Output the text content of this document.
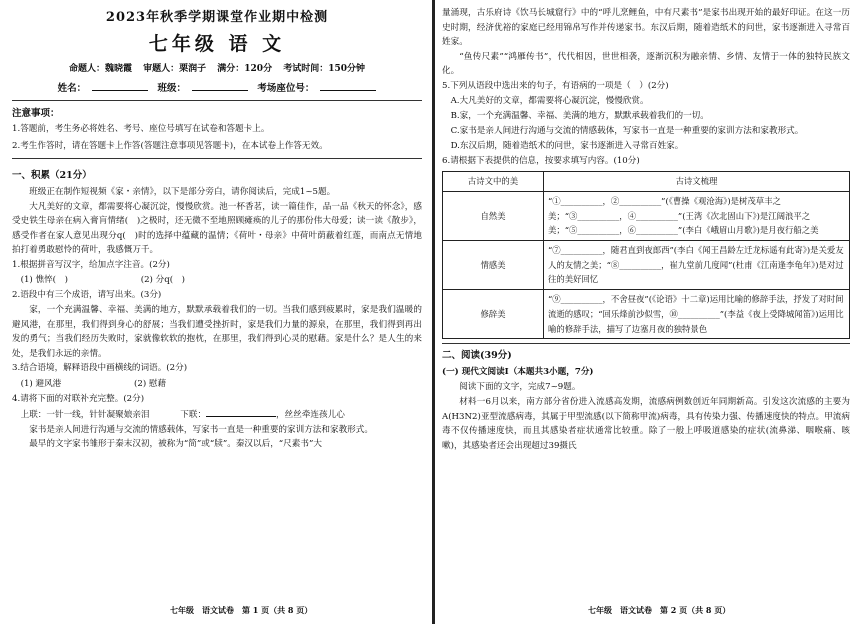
2023年秋季学期课堂作业期中检测

七年级 语 文

命题人：魏晓霞 审题人：栗润子 满分：120分 考试时间：150分钟

姓名：	班级：	考场座位号：

注意事项：

1.答题前，考生务必将姓名、考号、座位号填写在试卷和答题卡上。

2.考生作答时，请在答题卡上作答(答题注意事项见答题卡)，在本试卷上作答无效。

一、积累（21分）

班级正在制作短视频《家・亲情》，以下是部分旁白，请你阅读后，完成1~5题。

大凡美好的文章，都需要将心凝沉淀，慢慢欣赏。池一杯香茗，读一篇佳作，品一品《秋天的怀念》，感受史铁生母亲在病入膏肓情绪(　)之极时，还无微不至地照顾瘫痪的儿子的那份伟大母爱；读一读《散步》，感受作者在家人意见出现分q(　)时的选择中蕴藏的温情；《荷叶・母亲》中荷叶荫蔽着红莲，而南点无情地拍打着勇敢慰怜的荷叶，我感慨万千。

1.根据拼音写汉字，给加点字注音。(2分)

(1) 憔悴(　)	(2) 分q(　)

2.语段中有三个成语，请写出来。(3分)

家，一个充满温馨、幸福、美满的地方，默默承载着我们的一切。当我们感到疲累时，家是我们温暖的避风港，在那里，我们得到身心的舒展；当我们遭受挫折时，家是我们力量的源泉，在那里，我们得到再出发的勇气；当我们经历失败时，家就像软软的抱枕，在那里，我们得到心灵的慰藉。家是什么？是人生的来处，是我们永远的亲情。

3.结合语境，解释语段中画横线的词语。(2分)

(1) 避风港	(2) 慰藉

4.请将下面的对联补充完整。(2分)

上联：一针一线，针针凝聚娘亲泪	下联：	，丝丝牵连孩儿心

家书是亲人间进行沟通与交流的情感载体，写家书一直是一种重要的家训方法和家教形式。

最早的文字家书雏形于秦末汉初，被称为“简”或“牍”。秦汉以后，“尺素书”大

七年级　语文试卷　第 1 页（共 8 页）

量涌现，古乐府诗《饮马长城窟行》中的“呼儿烹鲤鱼，中有尺素书”是家书出现开始的最好印证。在这一历史时期，经济优裕的家庭已经用锦帛写作并传递家书。东汉后期，随着造纸术的问世，家书逐渐进入寻常百姓家。

“鱼传尺素”“鸿雁传书”，代代相因，世世相袭，逐渐沉积为融亲情、乡情、友情于一体的独特民族文化。

5.下列从语段中选出来的句子，有语病的一项是（　）(2分)

A.大凡美好的文章，都需要将心凝沉淀，慢慢欣赏。

B.家，一个充满温馨、幸福、美满的地方，默默承载着我们的一切。

C.家书是亲人间进行沟通与交流的情感载体，写家书一直是一种重要的家训方法和家教形式。

D.东汉后期，随着造纸术的问世，家书逐渐进入寻常百姓家。

6.请根据下表提供的信息，按要求填写内容。(10分)

古诗文中的美	古诗文梳理
自然美	“①__________，②__________”(《曹操《观沧海》)是树茂草丰之美；“③__________，④__________”(王湾《次北固山下》)是江阔浪平之美；“⑤__________，⑥__________”(李白《峨眉山月歌》)是月夜行船之美
情感美	“⑦__________，随君直到夜郎西”(李白《闻王昌龄左迁龙标遥有此寄》)是关爱友人的友情之美；“⑧__________，崔九堂前几度闻”(杜甫《江南逢李龟年》)是对过往的美好回忆
修辞美	“⑨__________，不舍昼夜”(《论语》十二章)运用比喻的修辞手法，抒发了对时间流逝的感叹；“回乐烽前沙似雪，⑩__________”(李益《夜上受降城闻笛》)运用比喻的修辞手法，描写了边塞月夜的独特景色

二、阅读(39分)

(一) 现代文阅读Ⅰ（本题共3小题，7分)

阅读下面的文字，完成7~9题。

材料一6月以来，南方部分省份进入流感高发期，流感病例数创近年同期新高。引发这次流感的主要为A(H3N2)亚型流感病毒，其属于甲型流感(以下简称甲流)病毒，具有传染力强、传播速度快的特点。甲流病毒不仅传播速度快，而且其感染者症状通常比较重。除了一般上呼吸道感染的症状(流鼻涕、咽喉痛、咳嗽)，其感染者还会出现超过39摄氏

七年级　语文试卷　第 2 页（共 8 页）
